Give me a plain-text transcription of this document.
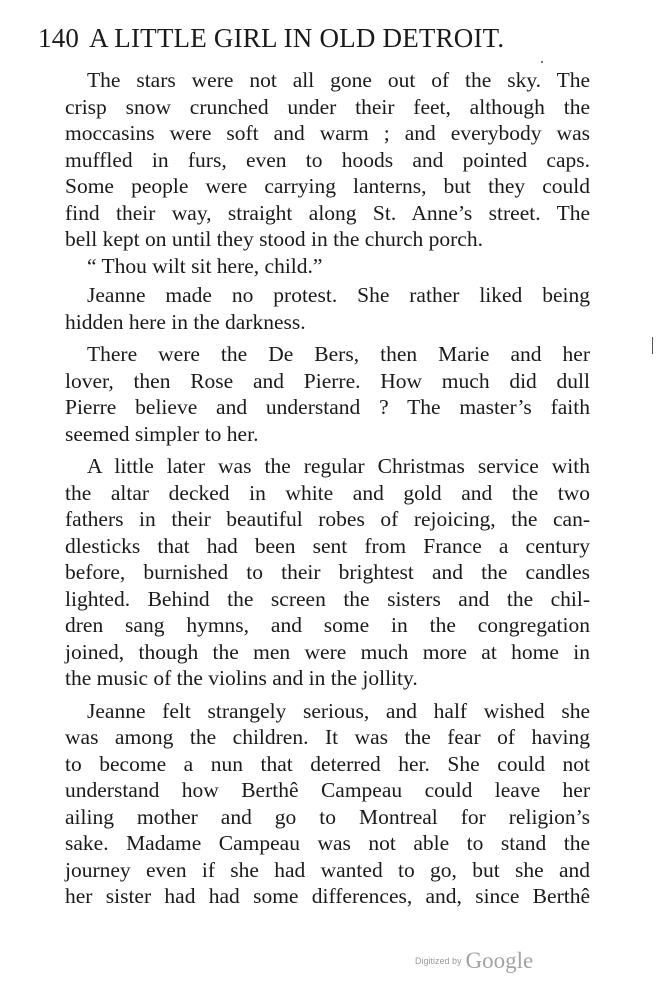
140 A LITTLE GIRL IN OLD DETROIT.
The stars were not all gone out of the sky. The
crisp snow crunched under their feet, although the
moccasins were soft and warm ; and everybody was
muffled in furs, even to hoods and pointed caps.
Some people were carrying lanterns, but they could
find their way, straight along St. Anne’s street. The
bell kept on until they stood in the church porch.
“ Thou wilt sit here, child.”
Jeanne made no protest. She rather liked being
hidden here in the darkness.
There were the De Bers, then Marie and her
lover, then Rose and Pierre. How much did dull
Pierre believe and understand ? The master’s faith
seemed simpler to her.
A little later was the regular Christmas service with
the altar decked in white and gold and the two
fathers in their beautiful robes of rejoicing, the can-
dlesticks that had been sent from France a century
before, burnished to their brightest and the candles
lighted. Behind the screen the sisters and the chil-
dren sang hymns, and some in the congregation
joined, though the men were much more at home in
the music of the violins and in the jollity.
Jeanne felt strangely serious, and half wished she
was among the children. It was the fear of having
to become a nun that deterred her. She could not
understand how Berthê Campeau could leave her
ailing mother and go to Montreal for religion’s
sake. Madame Campeau was not able to stand the
journey even if she had wanted to go, but she and
her sister had had some differences, and, since Berthê
Digitized by Google
